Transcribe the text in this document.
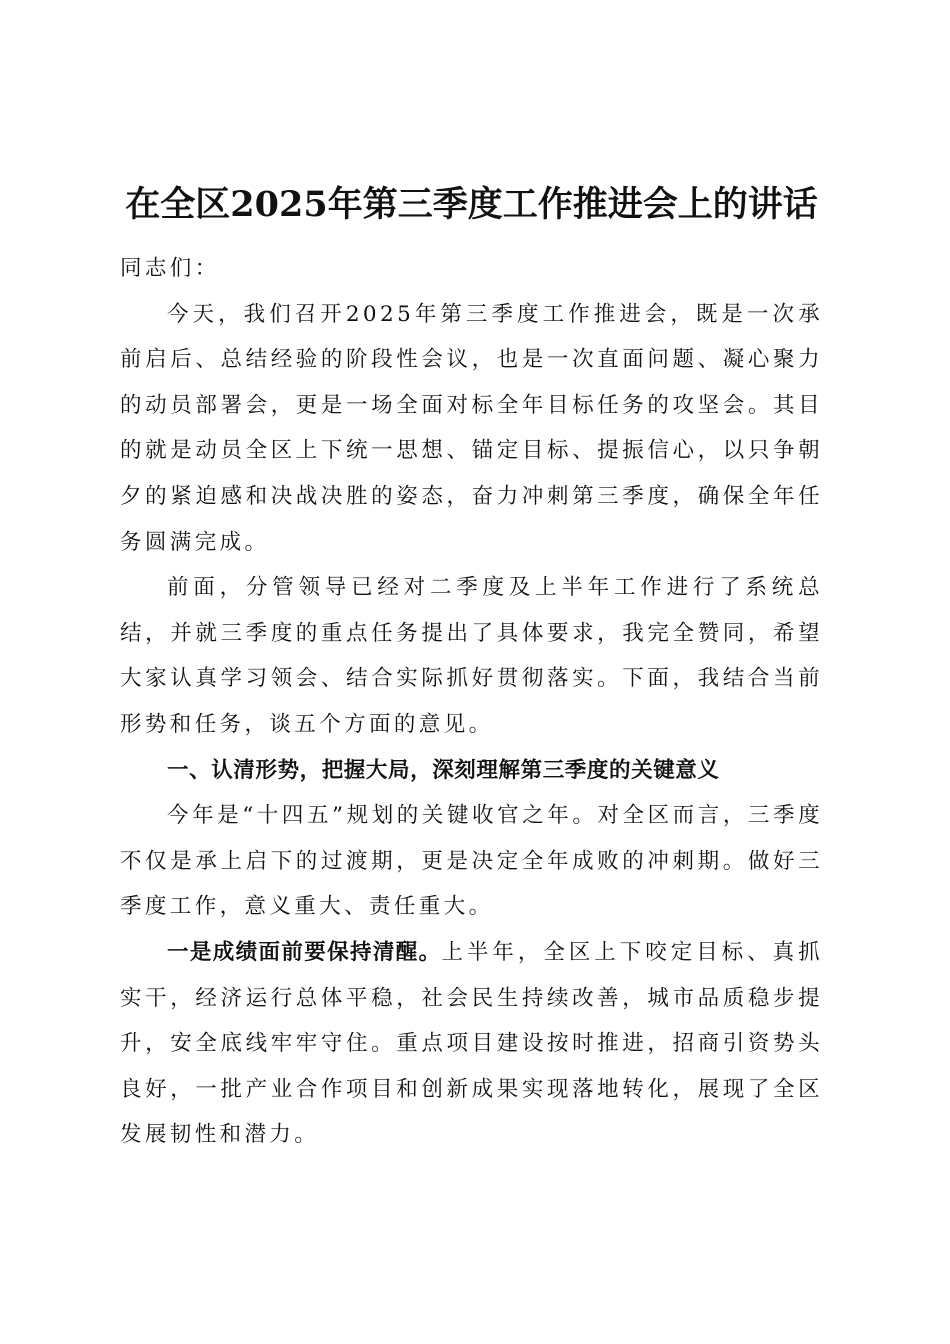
在全区2025年第三季度工作推进会上的讲话

同志们：

今天，我们召开2025年第三季度工作推进会，既是一次承前启后、总结经验的阶段性会议，也是一次直面问题、凝心聚力的动员部署会，更是一场全面对标全年目标任务的攻坚会。其目的就是动员全区上下统一思想、锚定目标、提振信心，以只争朝夕的紧迫感和决战决胜的姿态，奋力冲刺第三季度，确保全年任务圆满完成。

前面，分管领导已经对二季度及上半年工作进行了系统总结，并就三季度的重点任务提出了具体要求，我完全赞同，希望大家认真学习领会、结合实际抓好贯彻落实。下面，我结合当前形势和任务，谈五个方面的意见。

一、认清形势，把握大局，深刻理解第三季度的关键意义

今年是“十四五”规划的关键收官之年。对全区而言，三季度不仅是承上启下的过渡期，更是决定全年成败的冲刺期。做好三季度工作，意义重大、责任重大。

一是成绩面前要保持清醒。上半年，全区上下咬定目标、真抓实干，经济运行总体平稳，社会民生持续改善，城市品质稳步提升，安全底线牢牢守住。重点项目建设按时推进，招商引资势头良好，一批产业合作项目和创新成果实现落地转化，展现了全区发展韧性和潜力。
